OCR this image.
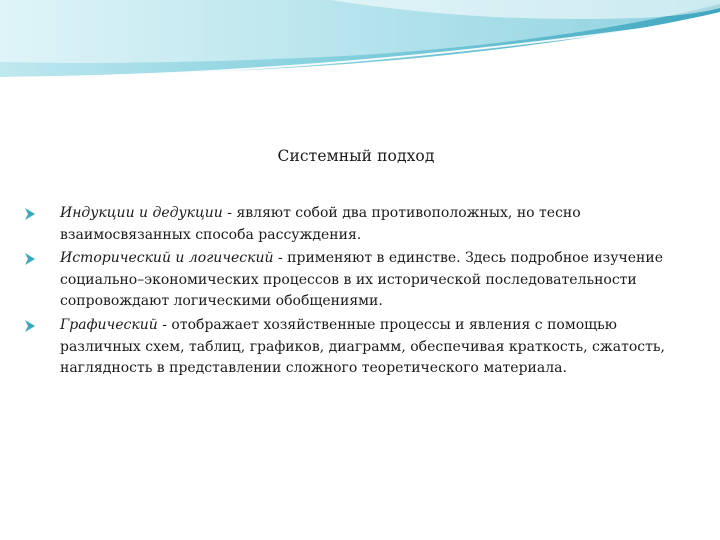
Системный подход
Индукции и дедукции - являют собой два противоположных, но тесно взаимосвязанных способа рассуждения.
Исторический и логический - применяют в единстве. Здесь подробное изучение социально–экономических процессов в их исторической последовательности сопровождают логическими обобщениями.
Графический - отображает хозяйственные процессы и явления с помощью различных схем, таблиц, графиков, диаграмм, обеспечивая краткость, сжатость, наглядность в представлении сложного теоретического материала.
